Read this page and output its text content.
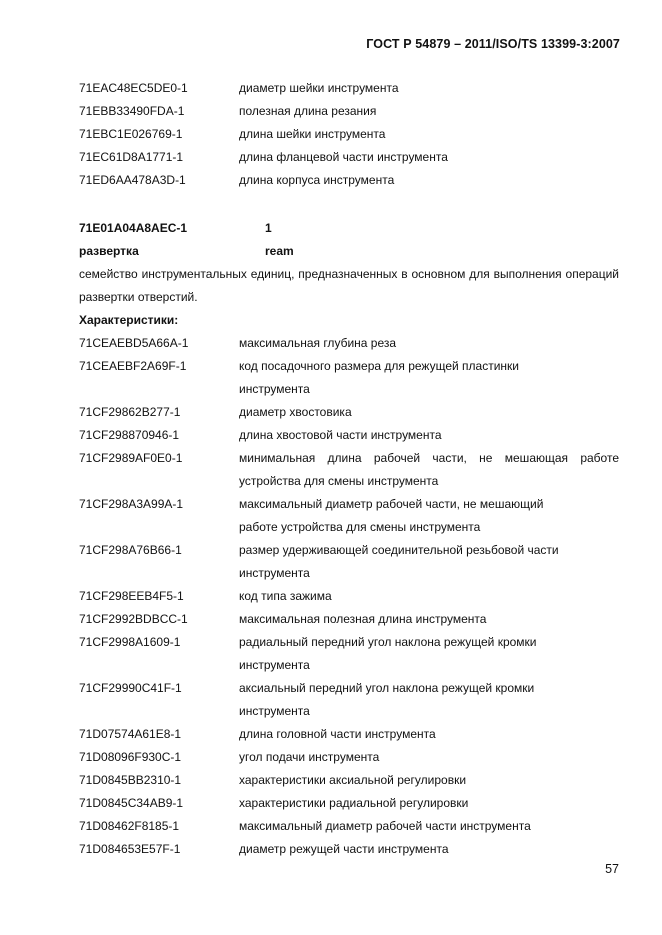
ГОСТ Р 54879 – 2011/ISO/TS 13399-3:2007
71EAC48EC5DE0-1	диаметр шейки инструмента
71EBB33490FDA-1	полезная длина резания
71EBC1E026769-1	длина шейки инструмента
71EC61D8A1771-1	длина фланцевой части инструмента
71ED6AA478A3D-1	длина корпуса инструмента
71E01A04A8AEC-1	1
развертка	ream
семейство инструментальных единиц, предназначенных в основном для выполнения операций развертки отверстий.
Характеристики:
71CEAEBD5A66A-1	максимальная глубина реза
71CEAEBF2A69F-1	код посадочного размера для режущей пластинки инструмента
71CF29862B277-1	диаметр хвостовика
71CF298870946-1	длина хвостовой части инструмента
71CF2989AF0E0-1	минимальная длина рабочей части, не мешающая работе устройства для смены инструмента
71CF298A3A99A-1	максимальный диаметр рабочей части, не мешающий работе устройства для смены инструмента
71CF298A76B66-1	размер удерживающей соединительной резьбовой части инструмента
71CF298EEB4F5-1	код типа зажима
71CF2992BDBCC-1	максимальная полезная длина инструмента
71CF2998A1609-1	радиальный передний угол наклона режущей кромки инструмента
71CF29990C41F-1	аксиальный передний угол наклона режущей кромки инструмента
71D07574A61E8-1	длина головной части инструмента
71D08096F930C-1	угол подачи инструмента
71D0845BB2310-1	характеристики аксиальной регулировки
71D0845C34AB9-1	характеристики радиальной регулировки
71D08462F8185-1	максимальный диаметр рабочей части инструмента
71D084653E57F-1	диаметр режущей части инструмента
57
